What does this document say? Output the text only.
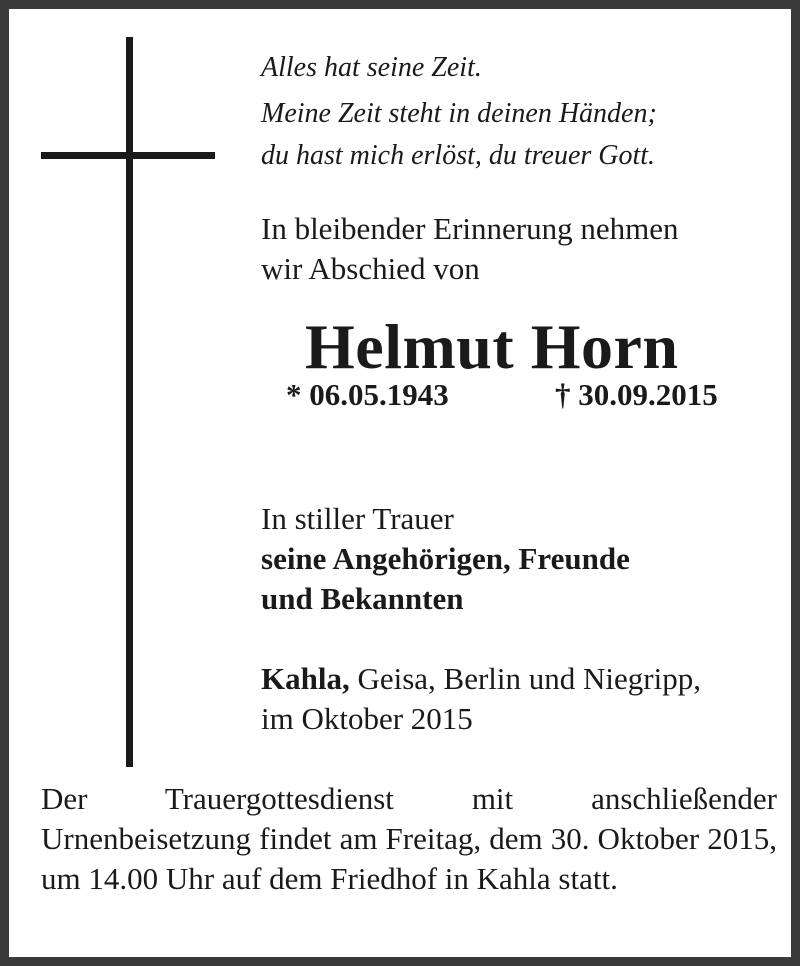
Alles hat seine Zeit.
Meine Zeit steht in deinen Händen;
du hast mich erlöst, du treuer Gott.
In bleibender Erinnerung nehmen
wir Abschied von
Helmut Horn
* 06.05.1943	† 30.09.2015
In stiller Trauer
seine Angehörigen, Freunde
und Bekannten
Kahla, Geisa, Berlin und Niegripp,
im Oktober 2015
Der Trauergottesdienst mit anschließender Urnenbeisetzung findet am Freitag, dem 30. Oktober 2015, um 14.00 Uhr auf dem Friedhof in Kahla statt.
